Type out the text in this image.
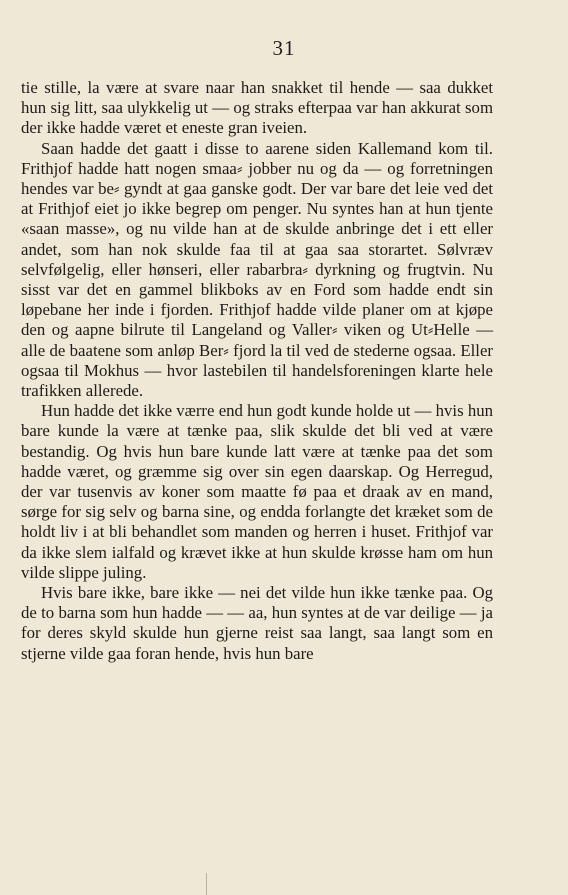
31

tie stille, la være at svare naar han snakket til hende — saa dukket hun sig litt, saa ulykkelig ut — og straks efterpaa var han akkurat som der ikke hadde været et eneste gran iveien.

Saan hadde det gaatt i disse to aarene siden Kallemand kom til. Frithjof hadde hatt nogen smaa⸗ jobber nu og da — og forretningen hendes var be⸗ gyndt at gaa ganske godt. Der var bare det leie ved det at Frithjof eiet jo ikke begrep om penger. Nu syntes han at hun tjente «saan masse», og nu vilde han at de skulde anbringe det i ett eller andet, som han nok skulde faa til at gaa saa storartet. Sølvræv selvfølgelig, eller hønseri, eller rabarbra⸗ dyrkning og frugtvin. Nu sisst var det en gammel blikboks av en Ford som hadde endt sin løpebane her inde i fjorden. Frithjof hadde vilde planer om at kjøpe den og aapne bilrute til Langeland og Valler⸗ viken og Ut⸗Helle — alle de baatene som anløp Ber⸗ fjord la til ved de stederne ogsaa. Eller ogsaa til Mokhus — hvor lastebilen til handelsforeningen klarte hele trafikken allerede.

Hun hadde det ikke værre end hun godt kunde holde ut — hvis hun bare kunde la være at tænke paa, slik skulde det bli ved at være bestandig. Og hvis hun bare kunde latt være at tænke paa det som hadde været, og græmme sig over sin egen daarskap. Og Herregud, der var tusenvis av koner som maatte fø paa et draak av en mand, sørge for sig selv og barna sine, og endda forlangte det kræket som de holdt liv i at bli behandlet som manden og herren i huset. Frithjof var da ikke slem ialfald og krævet ikke at hun skulde krøsse ham om hun vilde slippe juling.

Hvis bare ikke, bare ikke — nei det vilde hun ikke tænke paa. Og de to barna som hun hadde — — aa, hun syntes at de var deilige — ja for deres skyld skulde hun gjerne reist saa langt, saa langt som en stjerne vilde gaa foran hende, hvis hun bare
